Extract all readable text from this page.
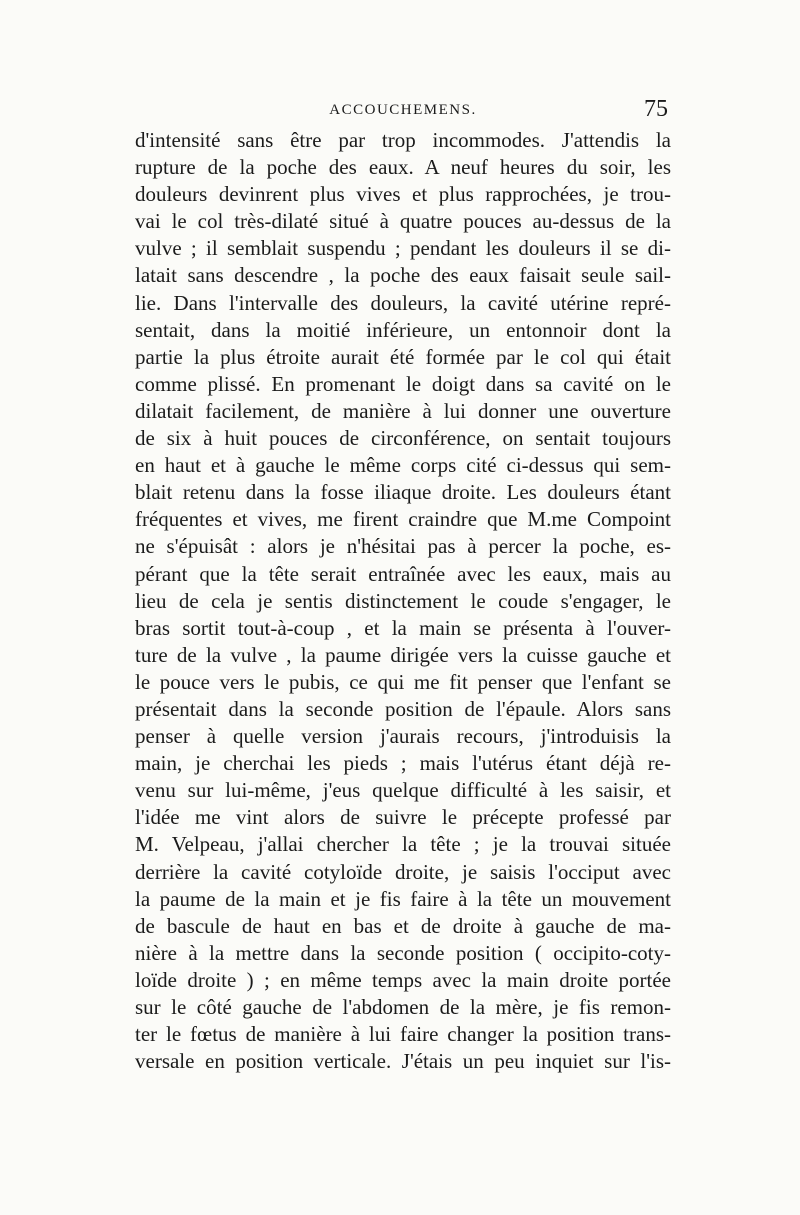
ACCOUCHEMENS.	75
d'intensité sans être par trop incommodes. J'attendis la
rupture de la poche des eaux. A neuf heures du soir, les
douleurs devinrent plus vives et plus rapprochées, je trou-
vai le col très-dilaté situé à quatre pouces au-dessus de la
vulve ; il semblait suspendu ; pendant les douleurs il se di-
latait sans descendre , la poche des eaux faisait seule sail-
lie. Dans l'intervalle des douleurs, la cavité utérine repré-
sentait, dans la moitié inférieure, un entonnoir dont la
partie la plus étroite aurait été formée par le col qui était
comme plissé. En promenant le doigt dans sa cavité on le
dilatait facilement, de manière à lui donner une ouverture
de six à huit pouces de circonférence, on sentait toujours
en haut et à gauche le même corps cité ci-dessus qui sem-
blait retenu dans la fosse iliaque droite. Les douleurs étant
fréquentes et vives, me firent craindre que M.me Compoint
ne s'épuisât : alors je n'hésitai pas à percer la poche, es-
pérant que la tête serait entraînée avec les eaux, mais au
lieu de cela je sentis distinctement le coude s'engager, le
bras sortit tout-à-coup , et la main se présenta à l'ouver-
ture de la vulve , la paume dirigée vers la cuisse gauche et
le pouce vers le pubis, ce qui me fit penser que l'enfant se
présentait dans la seconde position de l'épaule. Alors sans
penser à quelle version j'aurais recours, j'introduisis la
main, je cherchai les pieds ; mais l'utérus étant déjà re-
venu sur lui-même, j'eus quelque difficulté à les saisir, et
l'idée me vint alors de suivre le précepte professé par
M. Velpeau, j'allai chercher la tête ; je la trouvai située
derrière la cavité cotyloïde droite, je saisis l'occiput avec
la paume de la main et je fis faire à la tête un mouvement
de bascule de haut en bas et de droite à gauche de ma-
nière à la mettre dans la seconde position ( occipito-coty-
loïde droite ) ; en même temps avec la main droite portée
sur le côté gauche de l'abdomen de la mère, je fis remon-
ter le fœtus de manière à lui faire changer la position trans-
versale en position verticale. J'étais un peu inquiet sur l'is-
